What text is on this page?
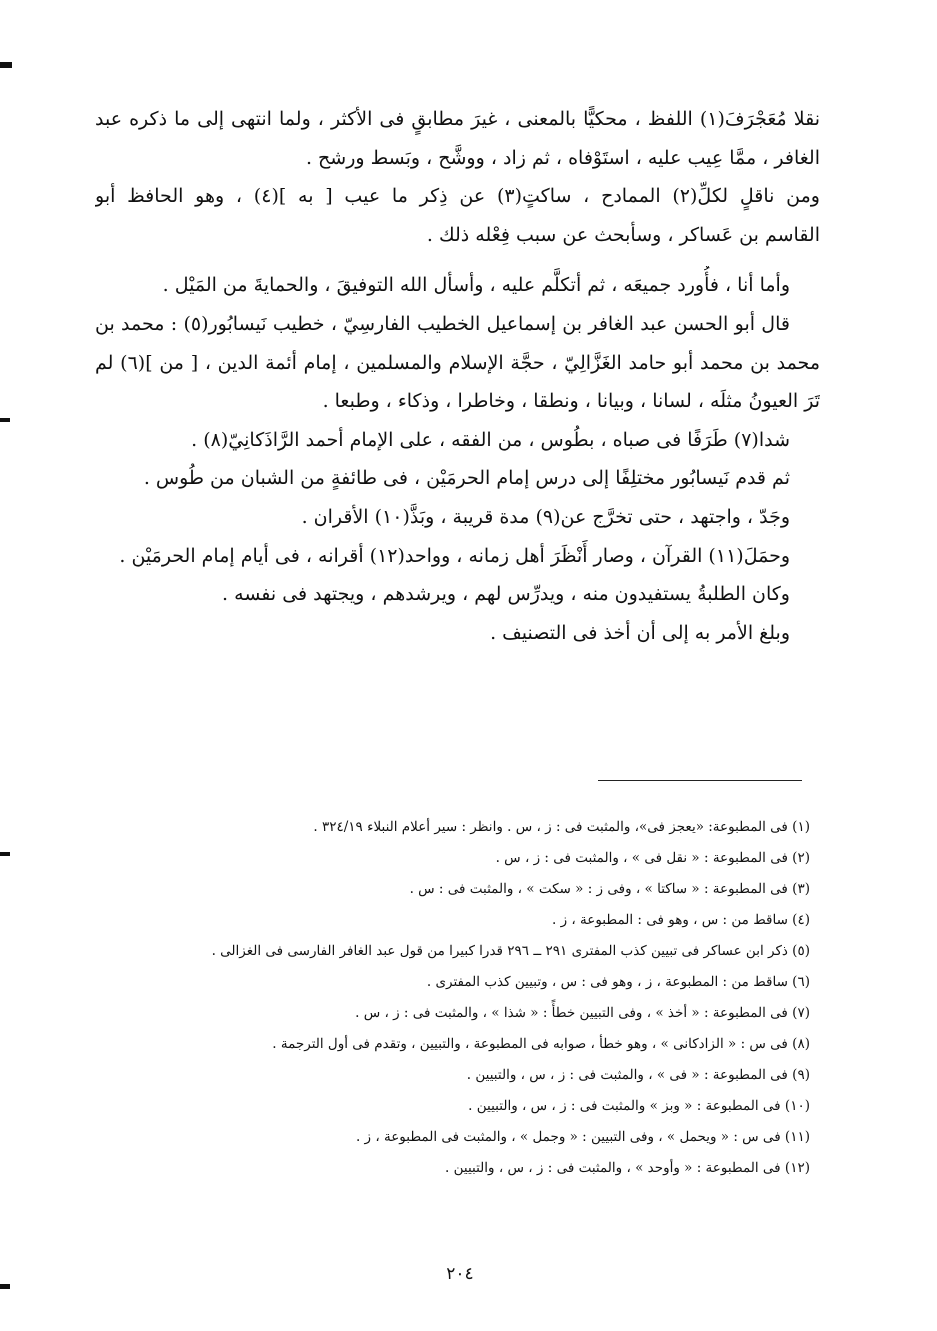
نقلا مُعَجْرَفَ(١) اللفظ ، محكيًّا بالمعنى ، غيرَ مطابقٍ فى الأكثر ، ولما انتهى إلى ما ذكره عبد
الغافر ، ممَّا عِيب عليه ، استَوْفاه ، ثم زاد ، ووشَّح ، وبَسط ورشح .
ومن ناقلٍ لكلِّ(٢) الممادح ، ساكتٍ(٣) عن ذِكر ما عيب [ به ](٤) ، وهو الحافظ أبو
القاسم بن عَساكر ، وسأبحث عن سبب فِعْله ذلك .
وأما أنا ، فأُورد جميعَه ، ثم أتكلَّم عليه ، وأسأل الله التوفيقَ ، والحمايةَ من المَيْل .
قال أبو الحسن عبد الغافر بن إسماعيل الخطيب الفارسِيّ ، خطيب نَيسابُور(٥) : محمد بن
محمد بن محمد أبو حامد الغَزَّالِيّ ، حجَّة الإسلام والمسلمين ، إمام أئمة الدين ، [ من ](٦) لم
تَرَ العيونُ مثلَه ، لسانا ، وبيانا ، ونطقا ، وخاطرا ، وذكاء ، وطبعا .
شدا(٧) طَرَفًا فى صباه ، بطُوس ، من الفقه ، على الإمام أحمد الرَّاذَكانِيّ(٨) .
ثم قدم نَيسابُور مختلِفًا إلى درس إمام الحرمَيْن ، فى طائفةٍ من الشبان من طُوس .
وجَدّ ، واجتهد ، حتى تخرَّج عن(٩) مدة قريبة ، وبَذَّ(١٠) الأقران .
وحمَلَ(١١) القرآن ، وصار أَنْظَرَ أهل زمانه ، وواحد(١٢) أقرانه ، فى أيام إمام الحرمَيْن .
وكان الطلبةُ يستفيدون منه ، ويدرِّس لهم ، ويرشدهم ، ويجتهد فى نفسه .
وبلغ الأمر به إلى أن أخذ فى التصنيف .
(١) فى المطبوعة: «يعجز فى»، والمثبت فى : ز ، س . وانظر : سير أعلام النبلاء ٣٢٤/١٩ .
(٢) فى المطبوعة : « نقل فى » ، والمثبت فى : ز ، س .
(٣) فى المطبوعة : « ساكتا » ، وفى ز : « سكت » ، والمثبت فى : س .
(٤) ساقط من : س ، وهو فى : المطبوعة ، ز .
(٥) ذكر ابن عساكر فى تبيين كذب المفترى ٢٩١ ــ ٢٩٦ قدرا كبيرا من قول عبد الغافر الفارسى فى الغزالى .
(٦) ساقط من : المطبوعة ، ز ، وهو فى : س ، وتبيين كذب المفترى .
(٧) فى المطبوعة : « أخذ » ، وفى التبيين خطأً : « شذا » ، والمثبت فى : ز ، س .
(٨) فى س : « الزادكانى » ، وهو خطأ ، صوابه فى المطبوعة ، والتبيين ، وتقدم فى أول الترجمة .
(٩) فى المطبوعة : « فى » ، والمثبت فى : ز ، س ، والتبيين .
(١٠) فى المطبوعة : « وبز » والمثبت فى : ز ، س ، والتبيين .
(١١) فى س : « ويحمل » ، وفى التبيين : « وجمل » ، والمثبت فى المطبوعة ، ز .
(١٢) فى المطبوعة : « وأوحد » ، والمثبت فى : ز ، س ، والتبيين .
٢٠٤
